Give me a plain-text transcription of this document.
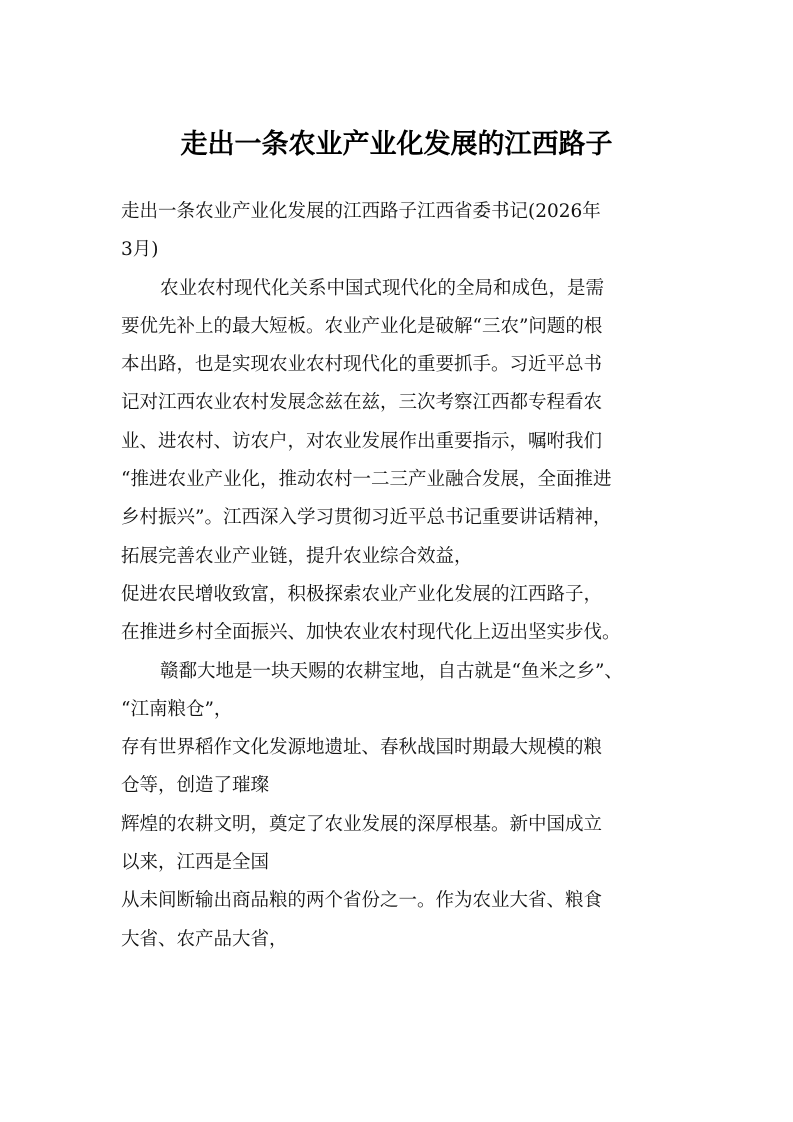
走出一条农业产业化发展的江西路子
走出一条农业产业化发展的江西路子江西省委书记(2026年
3月)
农业农村现代化关系中国式现代化的全局和成色，是需
要优先补上的最大短板。农业产业化是破解“三农”问题的根
本出路，也是实现农业农村现代化的重要抓手。习近平总书
记对江西农业农村发展念兹在兹，三次考察江西都专程看农
业、进农村、访农户，对农业发展作出重要指示，嘱咐我们
“推进农业产业化，推动农村一二三产业融合发展，全面推进
乡村振兴”。江西深入学习贯彻习近平总书记重要讲话精神，
拓展完善农业产业链，提升农业综合效益，
促进农民增收致富，积极探索农业产业化发展的江西路子，
在推进乡村全面振兴、加快农业农村现代化上迈出坚实步伐。
赣鄱大地是一块天赐的农耕宝地，自古就是“鱼米之乡”、
“江南粮仓”，
存有世界稻作文化发源地遗址、春秋战国时期最大规模的粮
仓等，创造了璀璨
辉煌的农耕文明，奠定了农业发展的深厚根基。新中国成立
以来，江西是全国
从未间断输出商品粮的两个省份之一。作为农业大省、粮食
大省、农产品大省，
